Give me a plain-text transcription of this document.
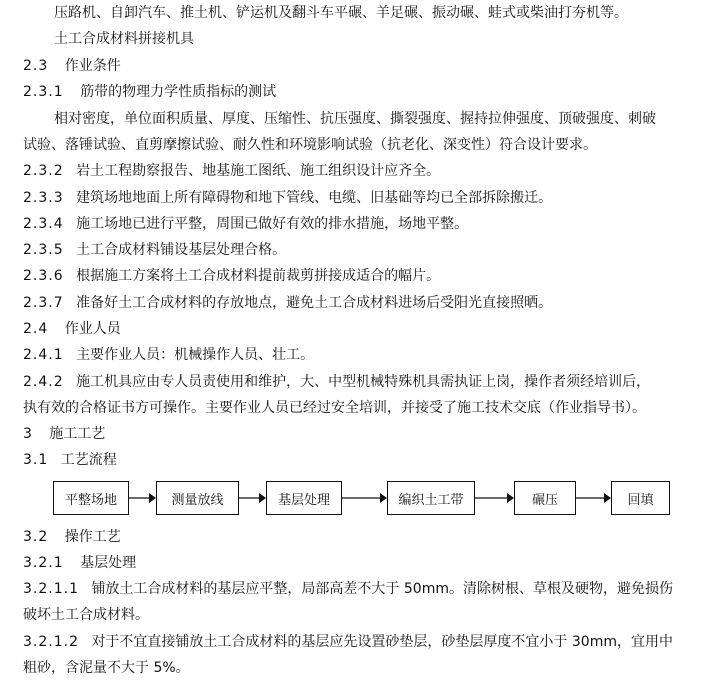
压路机、自卸汽车、推土机、铲运机及翻斗车平碾、羊足碾、振动碾、蛙式或柴油打夯机等。
土工合成材料拼接机具
2.3 作业条件
2.3.1 筋带的物理力学性质指标的测试
相对密度，单位面积质量、厚度、压缩性、抗压强度、撕裂强度、握持拉伸强度、顶破强度、刺破
试验、落锤试验、直剪摩擦试验、耐久性和环境影响试验（抗老化、深变性）符合设计要求。
2.3.2 岩土工程勘察报告、地基施工图纸、施工组织设计应齐全。
2.3.3 建筑场地地面上所有障碍物和地下管线、电缆、旧基础等均已全部拆除搬迁。
2.3.4 施工场地已进行平整，周围已做好有效的排水措施，场地平整。
2.3.5 土工合成材料铺设基层处理合格。
2.3.6 根据施工方案将土工合成材料提前裁剪拼接成适合的幅片。
2.3.7 准备好土工合成材料的存放地点，避免土工合成材料进场后受阳光直接照晒。
2.4 作业人员
2.4.1 主要作业人员：机械操作人员、壮工。
2.4.2 施工机具应由专人员责使用和维护，大、中型机械特殊机具需执证上岗，操作者须经培训后，
执有效的合格证书方可操作。主要作业人员已经过安全培训，并接受了施工技术交底（作业指导书）。
3 施工工艺
3.1 工艺流程
平整场地	测量放线	基层处理	编织土工带	碾压	回填
3.2 操作工艺
3.2.1 基层处理
3.2.1.1 铺放土工合成材料的基层应平整，局部高差不大于 50mm。清除树根、草根及硬物，避免损伤
破坏土工合成材料。
3.2.1.2 对于不宜直接铺放土工合成材料的基层应先设置砂垫层，砂垫层厚度不宜小于 30mm，宜用中
粗砂，含泥量不大于 5%。
